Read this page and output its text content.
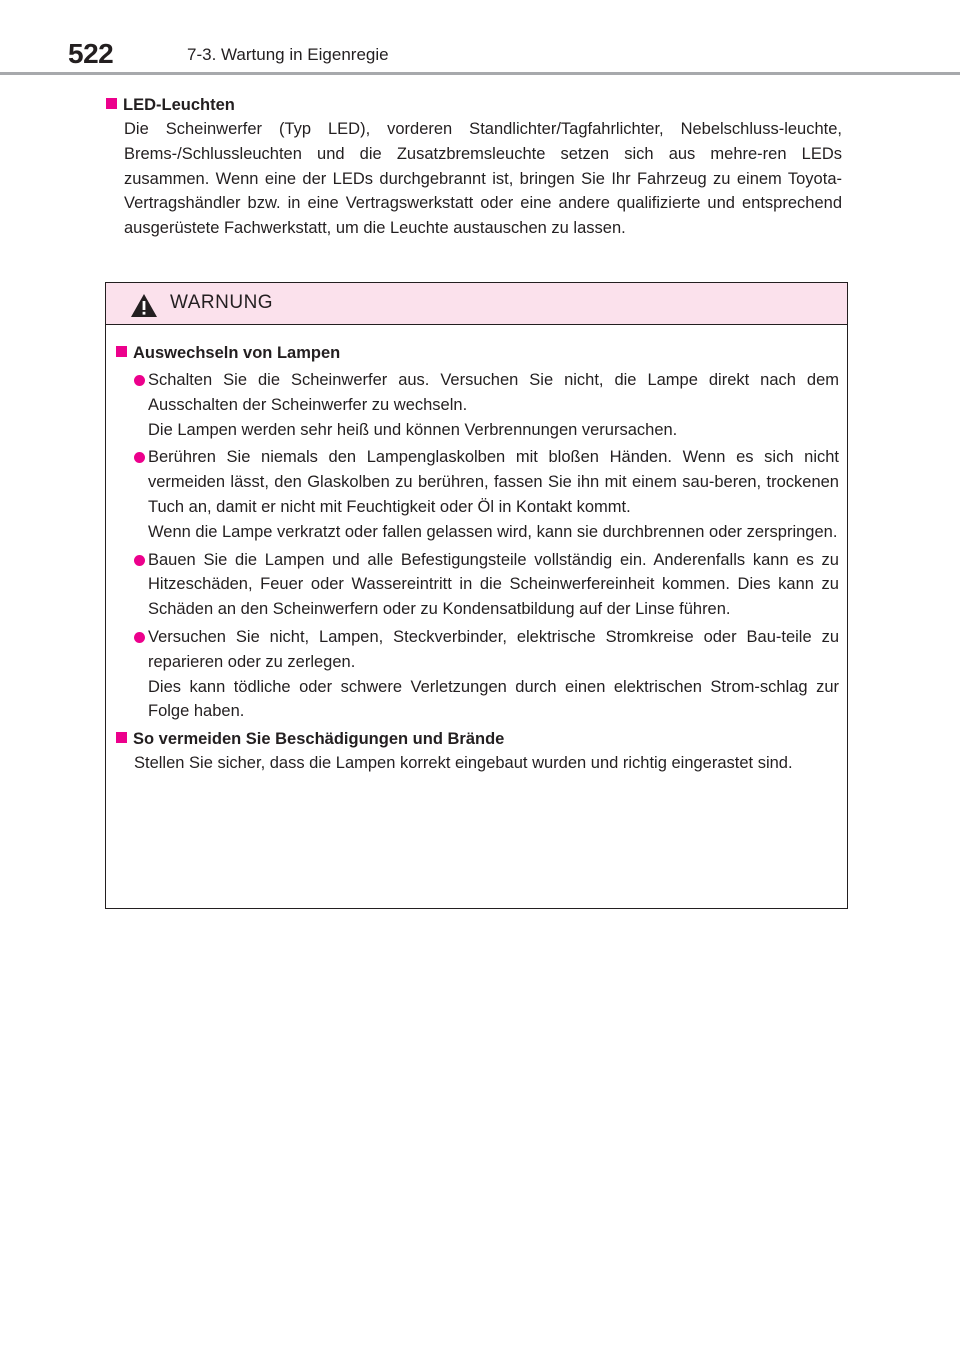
522	7-3. Wartung in Eigenregie

LED-Leuchten

Die Scheinwerfer (Typ LED), vorderen Standlichter/Tagfahrlichter, Nebelschluss-leuchte, Brems-/Schlussleuchten und die Zusatzbremsleuchte setzen sich aus mehre-ren LEDs zusammen. Wenn eine der LEDs durchgebrannt ist, bringen Sie Ihr Fahrzeug zu einem Toyota-Vertragshändler bzw. in eine Vertragswerkstatt oder eine andere qualifizierte und entsprechend ausgerüstete Fachwerkstatt, um die Leuchte austauschen zu lassen.

WARNUNG

Auswechseln von Lampen

Schalten Sie die Scheinwerfer aus. Versuchen Sie nicht, die Lampe direkt nach dem Ausschalten der Scheinwerfer zu wechseln.

Die Lampen werden sehr heiß und können Verbrennungen verursachen.

Berühren Sie niemals den Lampenglaskolben mit bloßen Händen. Wenn es sich nicht vermeiden lässt, den Glaskolben zu berühren, fassen Sie ihn mit einem sau-beren, trockenen Tuch an, damit er nicht mit Feuchtigkeit oder Öl in Kontakt kommt.

Wenn die Lampe verkratzt oder fallen gelassen wird, kann sie durchbrennen oder zerspringen.

Bauen Sie die Lampen und alle Befestigungsteile vollständig ein. Anderenfalls kann es zu Hitzeschäden, Feuer oder Wassereintritt in die Scheinwerfereinheit kommen. Dies kann zu Schäden an den Scheinwerfern oder zu Kondensatbildung auf der Linse führen.

Versuchen Sie nicht, Lampen, Steckverbinder, elektrische Stromkreise oder Bau-teile zu reparieren oder zu zerlegen.

Dies kann tödliche oder schwere Verletzungen durch einen elektrischen Strom-schlag zur Folge haben.

So vermeiden Sie Beschädigungen und Brände

Stellen Sie sicher, dass die Lampen korrekt eingebaut wurden und richtig eingerastet sind.
